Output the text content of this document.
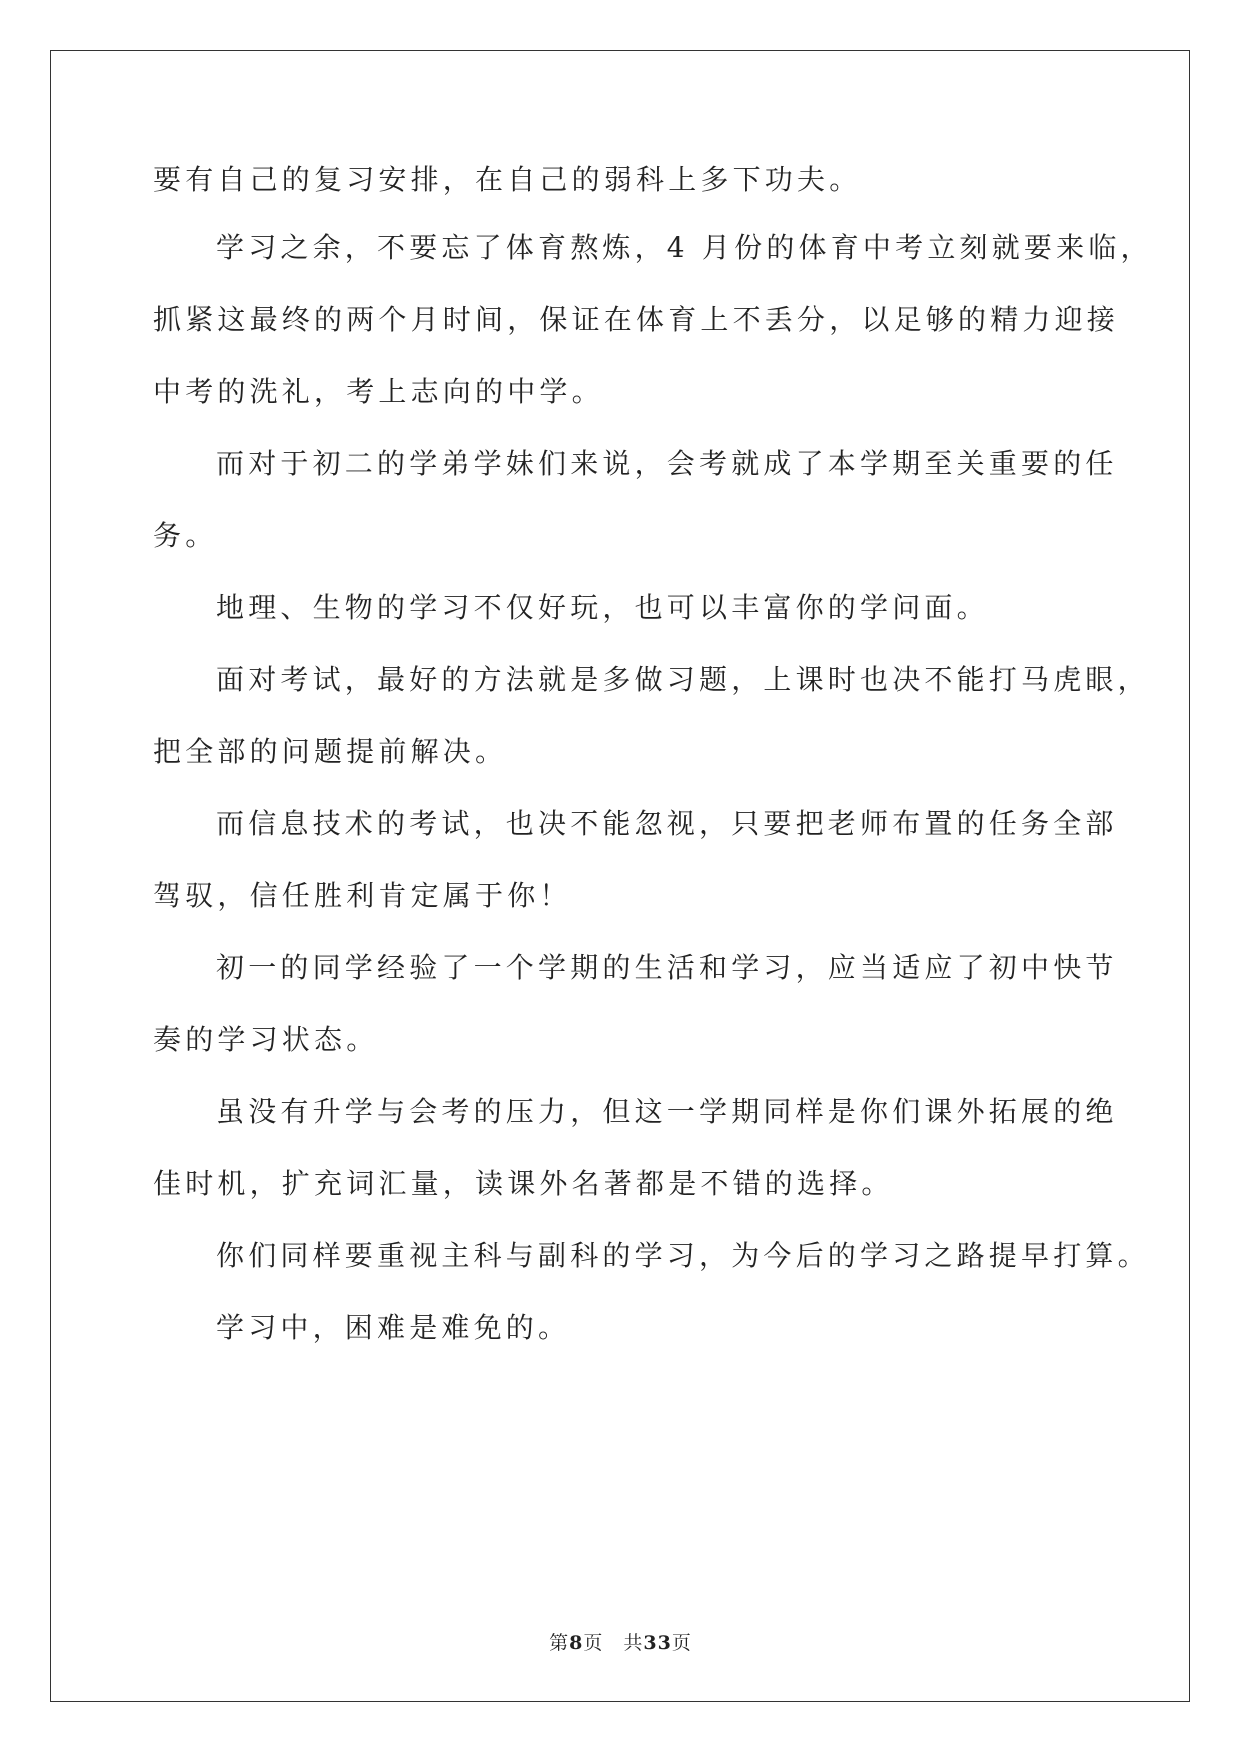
要有自己的复习安排，在自己的弱科上多下功夫。
学习之余，不要忘了体育熬炼，4 月份的体育中考立刻就要来临，
抓紧这最终的两个月时间，保证在体育上不丢分，以足够的精力迎接
中考的洗礼，考上志向的中学。
而对于初二的学弟学妹们来说，会考就成了本学期至关重要的任
务。
地理、生物的学习不仅好玩，也可以丰富你的学问面。
面对考试，最好的方法就是多做习题，上课时也决不能打马虎眼，
把全部的问题提前解决。
而信息技术的考试，也决不能忽视，只要把老师布置的任务全部
驾驭，信任胜利肯定属于你！
初一的同学经验了一个学期的生活和学习，应当适应了初中快节
奏的学习状态。
虽没有升学与会考的压力，但这一学期同样是你们课外拓展的绝
佳时机，扩充词汇量，读课外名著都是不错的选择。
你们同样要重视主科与副科的学习，为今后的学习之路提早打算。
学习中，困难是难免的。
第8页　共33页
